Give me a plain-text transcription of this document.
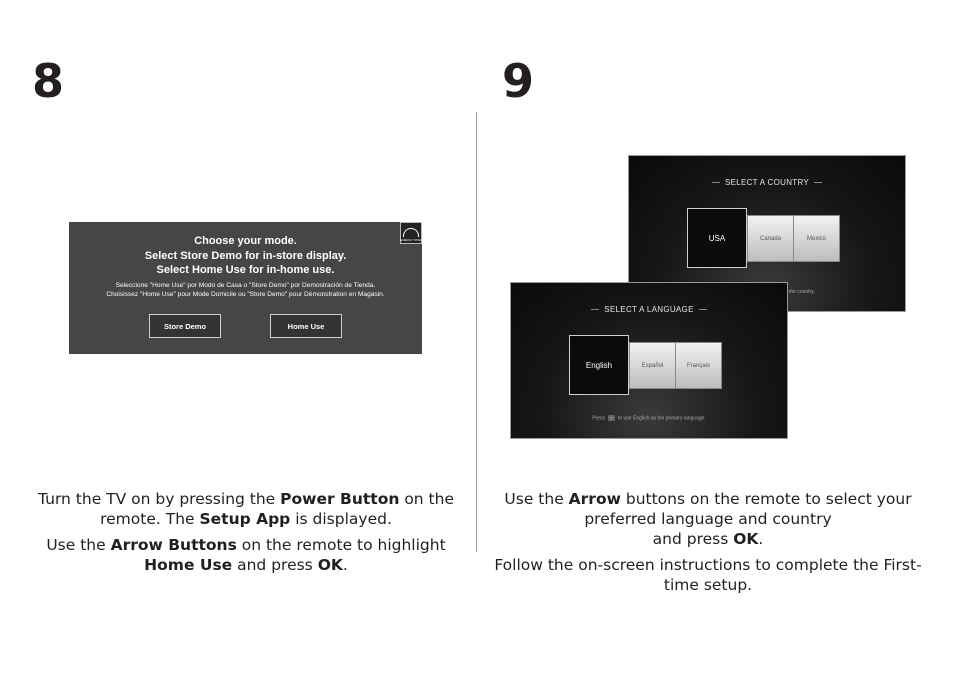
8
ENERGY STAR
Choose your mode.
Select Store Demo for in-store display.
Select Home Use for in-home use.
Seleccione "Home Use" por Modo de Casa o "Store Demo" por Demostración de Tienda.
Choisissez "Home Use" pour Mode Domicile ou "Store Demo" pour Démonstration en Magasin.
Store Demo	Home Use

Turn the TV on by pressing the Power Button on the remote. The Setup App is displayed.

Use the Arrow Buttons on the remote to highlight Home Use and press OK.

9
SELECT A COUNTRY
USA	Canada	Mexico
the country.
SELECT A LANGUAGE
English	Español	Français
Press » to use English as the primary language.

Use the Arrow buttons on the remote to select your preferred language and country
and press OK.

Follow the on-screen instructions to complete the First-time setup.
